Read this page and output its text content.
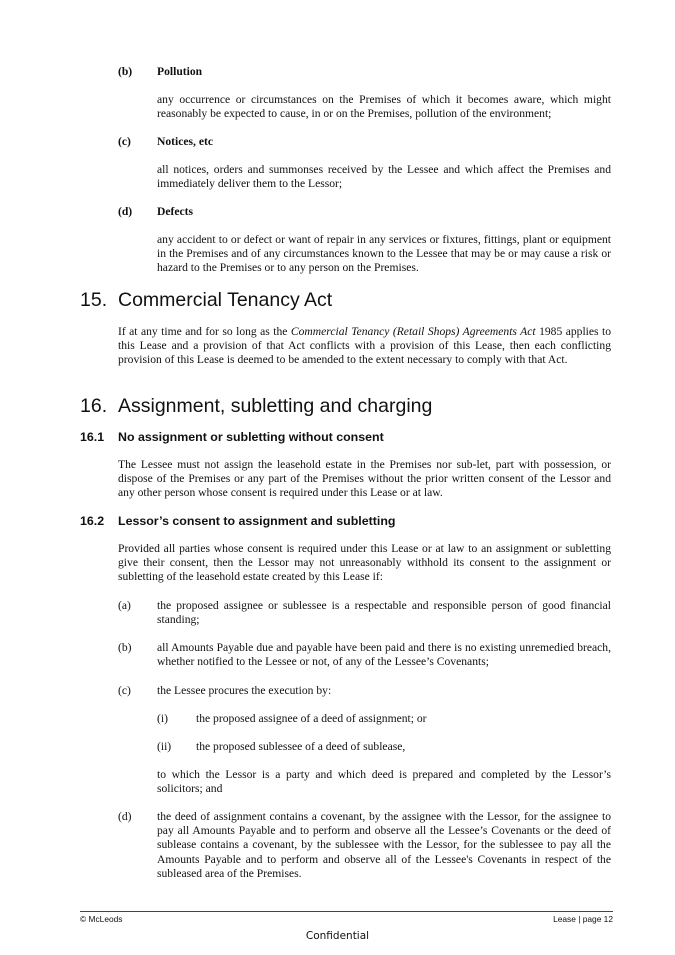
(b) Pollution
any occurrence or circumstances on the Premises of which it becomes aware, which might reasonably be expected to cause, in or on the Premises, pollution of the environment;
(c) Notices, etc
all notices, orders and summonses received by the Lessee and which affect the Premises and immediately deliver them to the Lessor;
(d) Defects
any accident to or defect or want of repair in any services or fixtures, fittings, plant or equipment in the Premises and of any circumstances known to the Lessee that may be or may cause a risk or hazard to the Premises or to any person on the Premises.
15. Commercial Tenancy Act
If at any time and for so long as the Commercial Tenancy (Retail Shops) Agreements Act 1985 applies to this Lease and a provision of that Act conflicts with a provision of this Lease, then each conflicting provision of this Lease is deemed to be amended to the extent necessary to comply with that Act.
16. Assignment, subletting and charging
16.1 No assignment or subletting without consent
The Lessee must not assign the leasehold estate in the Premises nor sub-let, part with possession, or dispose of the Premises or any part of the Premises without the prior written consent of the Lessor and any other person whose consent is required under this Lease or at law.
16.2 Lessor’s consent to assignment and subletting
Provided all parties whose consent is required under this Lease or at law to an assignment or subletting give their consent, then the Lessor may not unreasonably withhold its consent to the assignment or subletting of the leasehold estate created by this Lease if:
(a) the proposed assignee or sublessee is a respectable and responsible person of good financial standing;
(b) all Amounts Payable due and payable have been paid and there is no existing unremedied breach, whether notified to the Lessee or not, of any of the Lessee’s Covenants;
(c) the Lessee procures the execution by:
(i) the proposed assignee of a deed of assignment; or
(ii) the proposed sublessee of a deed of sublease,
to which the Lessor is a party and which deed is prepared and completed by the Lessor’s solicitors; and
(d) the deed of assignment contains a covenant, by the assignee with the Lessor, for the assignee to pay all Amounts Payable and to perform and observe all the Lessee’s Covenants or the deed of sublease contains a covenant, by the sublessee with the Lessor, for the sublessee to pay all the Amounts Payable and to perform and observe all of the Lessee's Covenants in respect of the subleased area of the Premises.
© McLeods	Lease | page 12
Confidential
